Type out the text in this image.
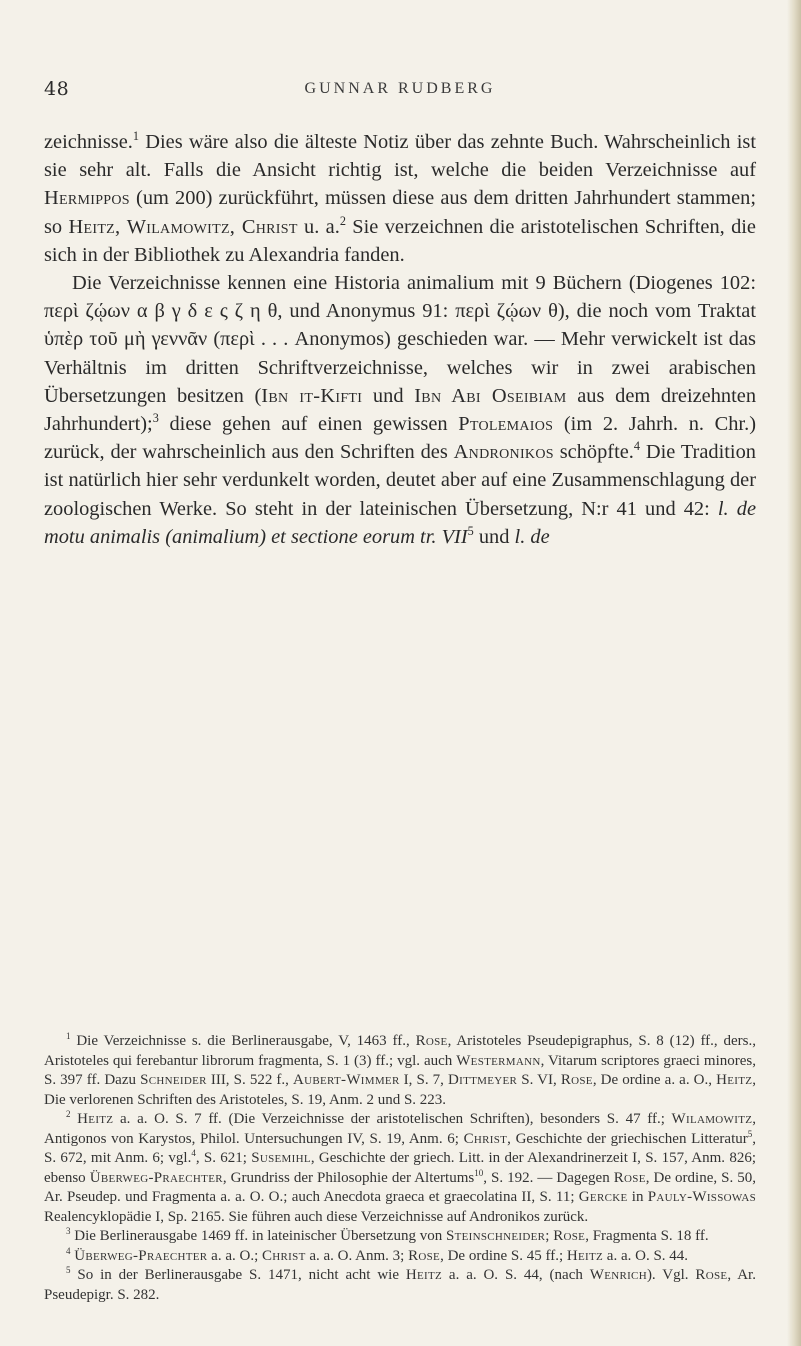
48	GUNNAR RUDBERG

zeichnisse.$^1$ Dies wäre also die älteste Notiz über das zehnte Buch. Wahrscheinlich ist sie sehr alt. Falls die Ansicht richtig ist, welche die beiden Verzeichnisse auf Hermippos (um 200) zurückführt, müssen diese aus dem dritten Jahrhundert stammen; so Heitz, Wilamowitz, Christ u. a.$^2$ Sie verzeichnen die aristotelischen Schriften, die sich in der Bibliothek zu Alexandria fanden.

Die Verzeichnisse kennen eine Historia animalium mit 9 Büchern (Diogenes 102: περὶ ζῴων α β γ δ ε ς ζ η θ, und Anonymus 91: περὶ ζῴων θ), die noch vom Traktat ὑπὲρ τοῦ μὴ γεννᾶν (περὶ . . . Anonymos) geschieden war. — Mehr verwickelt ist das Verhältnis im dritten Schriftverzeichnisse, welches wir in zwei arabischen Übersetzungen besitzen (Ibn it-Kifti und Ibn Abi Oseibiam aus dem dreizehnten Jahrhundert);$^3$ diese gehen auf einen gewissen Ptolemaios (im 2. Jahrh. n. Chr.) zurück, der wahrscheinlich aus den Schriften des Andronikos schöpfte.$^4$ Die Tradition ist natürlich hier sehr verdunkelt worden, deutet aber auf eine Zusammenschlagung der zoologischen Werke. So steht in der lateinischen Übersetzung, N:r 41 und 42: l. de motu animalis (animalium) et sectione eorum tr. VII$^5$ und l. de

$^1$ Die Verzeichnisse s. die Berlinerausgabe, V, 1463 ff., Rose, Aristoteles Pseudepigraphus, S. 8 (12) ff., ders., Aristoteles qui ferebantur librorum fragmenta, S. 1 (3) ff.; vgl. auch Westermann, Vitarum scriptores graeci minores, S. 397 ff. Dazu Schneider III, S. 522 f., Aubert-Wimmer I, S. 7, Dittmeyer S. VI, Rose, De ordine a. a. O., Heitz, Die verlorenen Schriften des Aristoteles, S. 19, Anm. 2 und S. 223.

$^2$ Heitz a. a. O. S. 7 ff. (Die Verzeichnisse der aristotelischen Schriften), besonders S. 47 ff.; Wilamowitz, Antigonos von Karystos, Philol. Untersuchungen IV, S. 19, Anm. 6; Christ, Geschichte der griechischen Litteratur$^5$, S. 672, mit Anm. 6; vgl.$^4$, S. 621; Susemihl, Geschichte der griech. Litt. in der Alexandrinerzeit I, S. 157, Anm. 826; ebenso Überweg-Praechter, Grundriss der Philosophie der Altertums$^{10}$, S. 192. — Dagegen Rose, De ordine, S. 50, Ar. Pseudep. und Fragmenta a. a. O. O.; auch Anecdota graeca et graecolatina II, S. 11; Gercke in Pauly-Wissowas Realencyklopädie I, Sp. 2165. Sie führen auch diese Verzeichnisse auf Andronikos zurück.

$^3$ Die Berlinerausgabe 1469 ff. in lateinischer Übersetzung von Steinschneider; Rose, Fragmenta S. 18 ff.

$^4$ Überweg-Praechter a. a. O.; Christ a. a. O. Anm. 3; Rose, De ordine S. 45 ff.; Heitz a. a. O. S. 44.

$^5$ So in der Berlinerausgabe S. 1471, nicht acht wie Heitz a. a. O. S. 44, (nach Wenrich). Vgl. Rose, Ar. Pseudepigr. S. 282.
